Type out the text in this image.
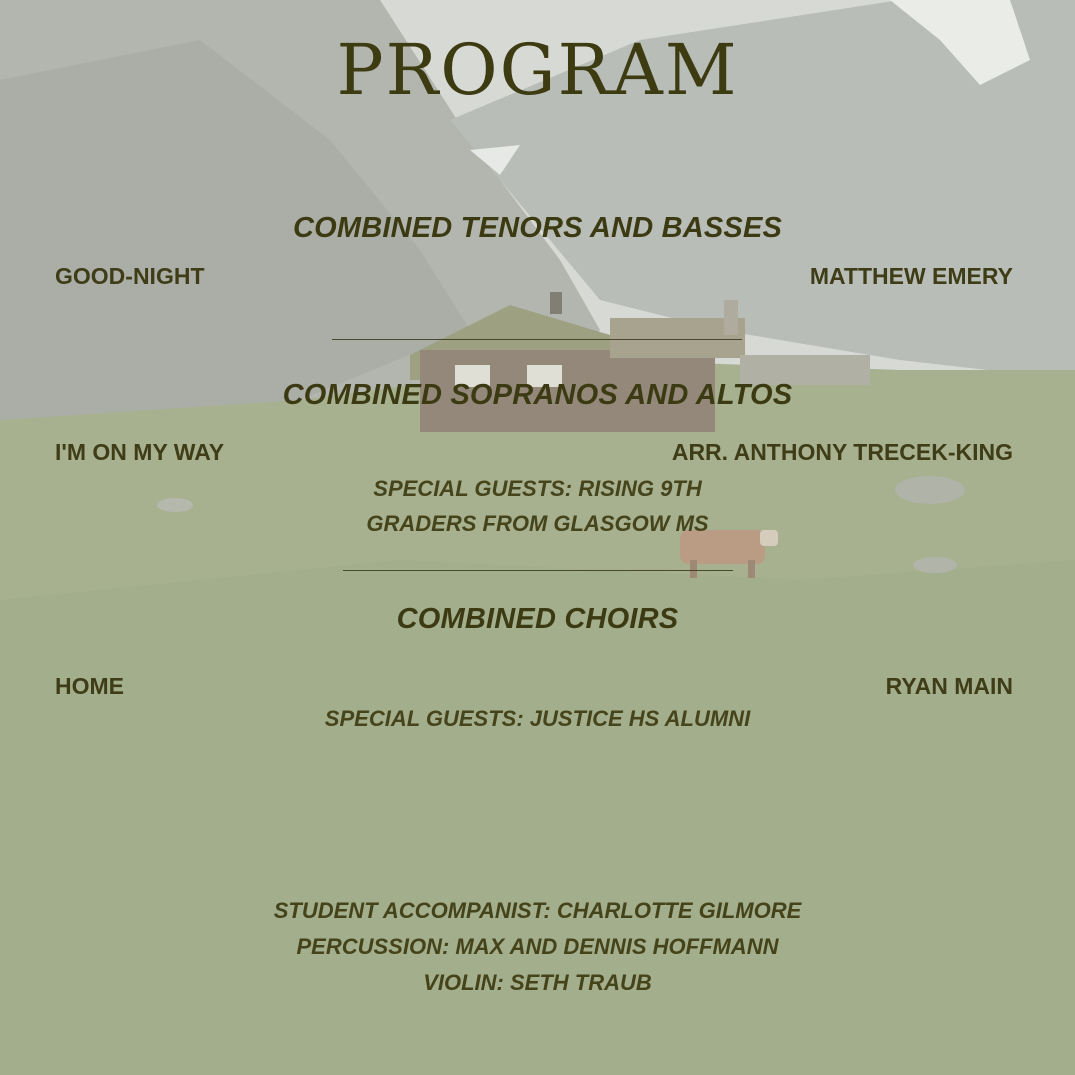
PROGRAM
COMBINED TENORS AND BASSES
GOOD-NIGHT	MATTHEW EMERY
COMBINED SOPRANOS AND ALTOS
I'M ON MY WAY	ARR. ANTHONY TRECEK-KING
SPECIAL GUESTS: RISING 9TH
GRADERS FROM GLASGOW MS
COMBINED CHOIRS
HOME	RYAN MAIN
SPECIAL GUESTS: JUSTICE HS ALUMNI
STUDENT ACCOMPANIST: CHARLOTTE GILMORE
PERCUSSION: MAX AND DENNIS HOFFMANN
VIOLIN: SETH TRAUB
